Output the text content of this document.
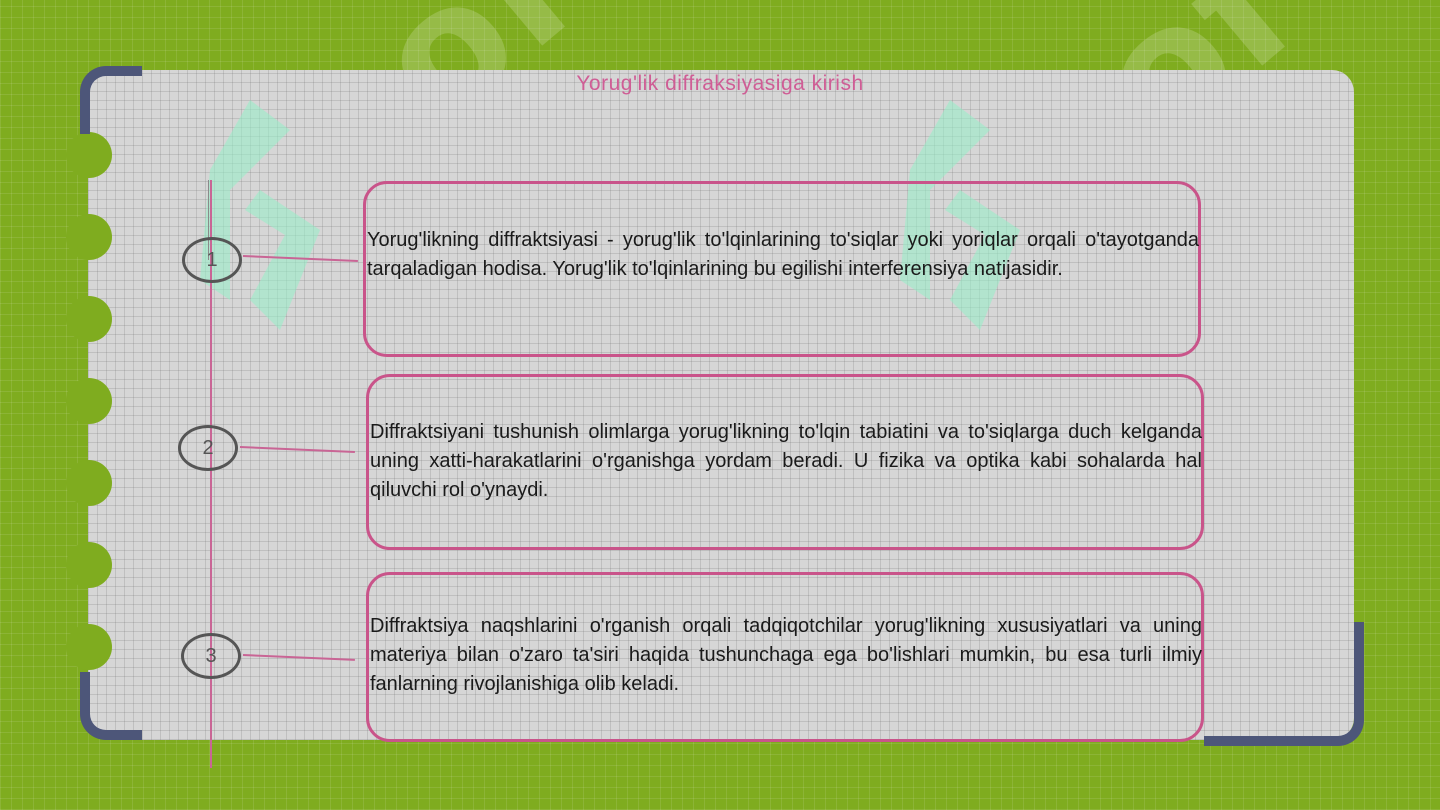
Yorug'lik diffraksiyasiga kirish
1
Yorug'likning diffraktsiyasi - yorug'lik to'lqinlarining to'siqlar yoki yoriqlar orqali o'tayotganda tarqaladigan hodisa. Yorug'lik to'lqinlarining bu egilishi interferensiya natijasidir.
2
Diffraktsiyani tushunish olimlarga yorug'likning to'lqin tabiatini va to'siqlarga duch kelganda uning xatti-harakatlarini o'rganishga yordam beradi. U fizika va optika kabi sohalarda hal qiluvchi rol o'ynaydi.
3
Diffraktsiya naqshlarini o'rganish orqali tadqiqotchilar yorug'likning xususiyatlari va uning materiya bilan o'zaro ta'siri haqida tushunchaga ega bo'lishlari mumkin, bu esa turli ilmiy fanlarning rivojlanishiga olib keladi.
